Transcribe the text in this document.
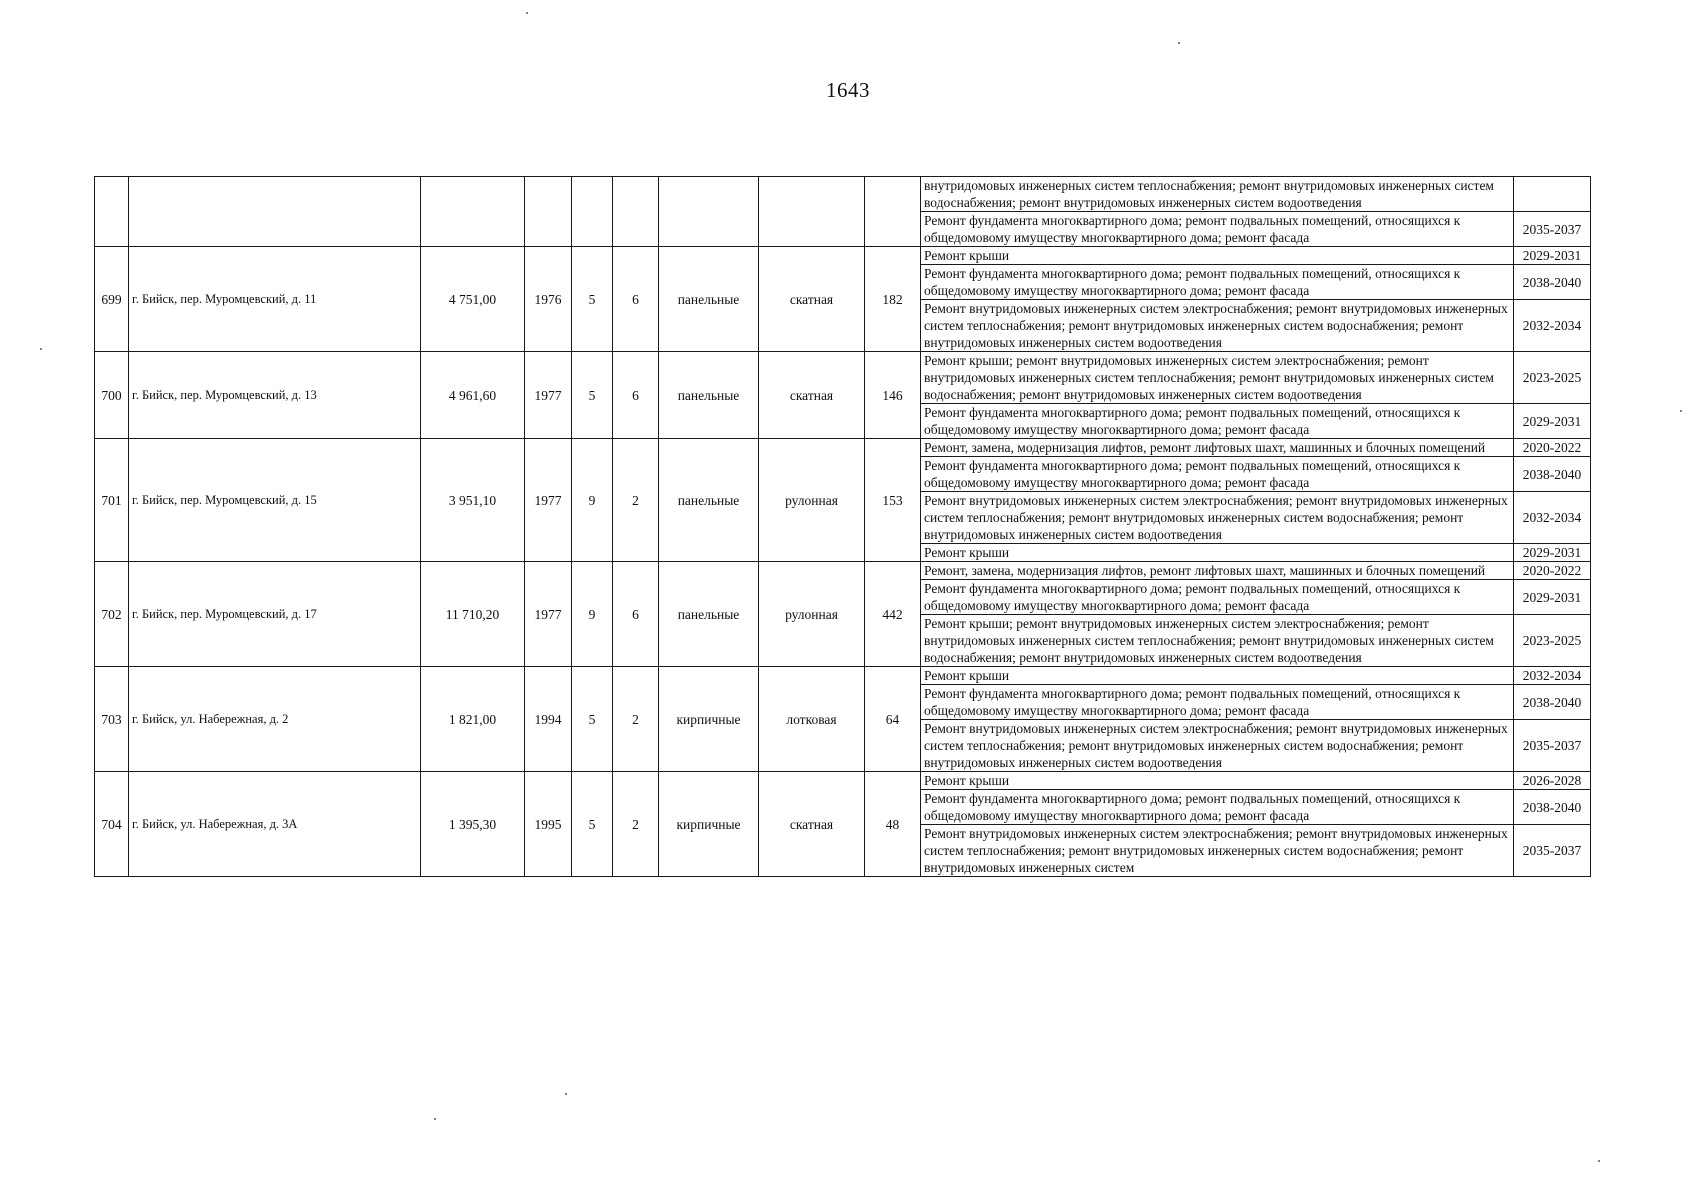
1643
									внутридомовых инженерных систем теплоснабжения; ремонт внутридомовых инженерных систем водоснабжения; ремонт внутридомовых инженерных систем водоотведения	
									Ремонт фундамента многоквартирного дома; ремонт подвальных помещений, относящихся к общедомовому имуществу многоквартирного дома; ремонт фасада	2035-2037
699	г. Бийск, пер. Муромцевский, д. 11	4 751,00	1976	5	6	панельные	скатная	182	Ремонт крыши	2029-2031
									Ремонт фундамента многоквартирного дома; ремонт подвальных помещений, относящихся к общедомовому имуществу многоквартирного дома; ремонт фасада	2038-2040
									Ремонт внутридомовых инженерных систем электроснабжения; ремонт внутридомовых инженерных систем теплоснабжения; ремонт внутридомовых инженерных систем водоснабжения; ремонт внутридомовых инженерных систем водоотведения	2032-2034
700	г. Бийск, пер. Муромцевский, д. 13	4 961,60	1977	5	6	панельные	скатная	146	Ремонт крыши; ремонт внутридомовых инженерных систем электроснабжения; ремонт внутридомовых инженерных систем теплоснабжения; ремонт внутридомовых инженерных систем водоснабжения; ремонт внутридомовых инженерных систем водоотведения	2023-2025
									Ремонт фундамента многоквартирного дома; ремонт подвальных помещений, относящихся к общедомовому имуществу многоквартирного дома; ремонт фасада	2029-2031
701	г. Бийск, пер. Муромцевский, д. 15	3 951,10	1977	9	2	панельные	рулонная	153	Ремонт, замена, модернизация лифтов, ремонт лифтовых шахт, машинных и блочных помещений	2020-2022
									Ремонт фундамента многоквартирного дома; ремонт подвальных помещений, относящихся к общедомовому имуществу многоквартирного дома; ремонт фасада	2038-2040
									Ремонт внутридомовых инженерных систем электроснабжения; ремонт внутридомовых инженерных систем теплоснабжения; ремонт внутридомовых инженерных систем водоснабжения; ремонт внутридомовых инженерных систем водоотведения	2032-2034
									Ремонт крыши	2029-2031
702	г. Бийск, пер. Муромцевский, д. 17	11 710,20	1977	9	6	панельные	рулонная	442	Ремонт, замена, модернизация лифтов, ремонт лифтовых шахт, машинных и блочных помещений	2020-2022
									Ремонт фундамента многоквартирного дома; ремонт подвальных помещений, относящихся к общедомовому имуществу многоквартирного дома; ремонт фасада	2029-2031
									Ремонт крыши; ремонт внутридомовых инженерных систем электроснабжения; ремонт внутридомовых инженерных систем теплоснабжения; ремонт внутридомовых инженерных систем водоснабжения; ремонт внутридомовых инженерных систем водоотведения	2023-2025
703	г. Бийск, ул. Набережная, д. 2	1 821,00	1994	5	2	кирпичные	лотковая	64	Ремонт крыши	2032-2034
									Ремонт фундамента многоквартирного дома; ремонт подвальных помещений, относящихся к общедомовому имуществу многоквартирного дома; ремонт фасада	2038-2040
									Ремонт внутридомовых инженерных систем электроснабжения; ремонт внутридомовых инженерных систем теплоснабжения; ремонт внутридомовых инженерных систем водоснабжения; ремонт внутридомовых инженерных систем водоотведения	2035-2037
704	г. Бийск, ул. Набережная, д. 3А	1 395,30	1995	5	2	кирпичные	скатная	48	Ремонт крыши	2026-2028
									Ремонт фундамента многоквартирного дома; ремонт подвальных помещений, относящихся к общедомовому имуществу многоквартирного дома; ремонт фасада	2038-2040
									Ремонт внутридомовых инженерных систем электроснабжения; ремонт внутридомовых инженерных систем теплоснабжения; ремонт внутридомовых инженерных систем водоснабжения; ремонт внутридомовых инженерных систем	2035-2037
